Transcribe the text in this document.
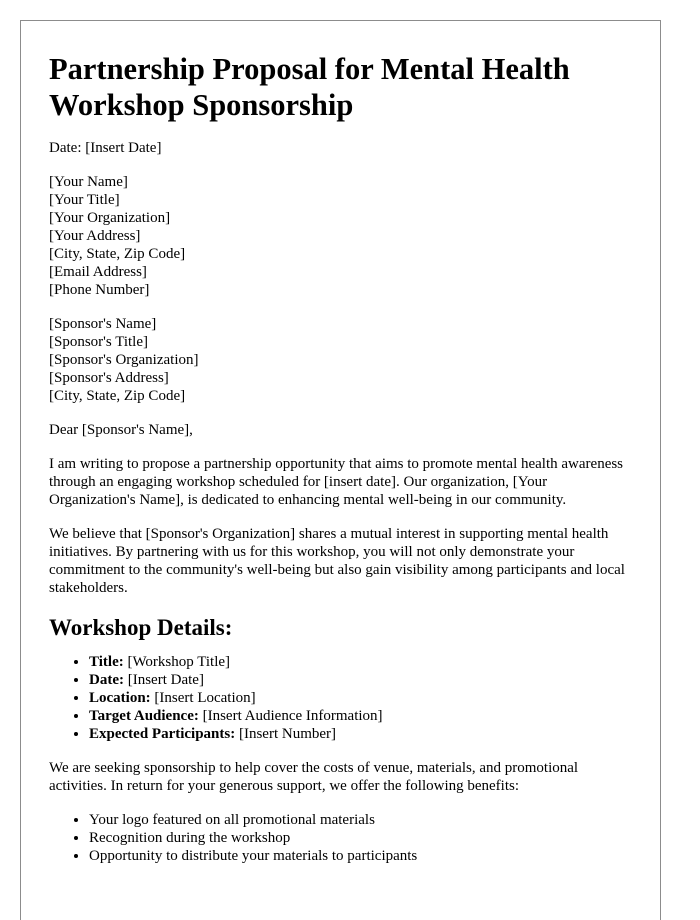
Partnership Proposal for Mental Health Workshop Sponsorship

Date: [Insert Date]

[Your Name]
[Your Title]
[Your Organization]
[Your Address]
[City, State, Zip Code]
[Email Address]
[Phone Number]
[Sponsor's Name]
[Sponsor's Title]
[Sponsor's Organization]
[Sponsor's Address]
[City, State, Zip Code]

Dear [Sponsor's Name],

I am writing to propose a partnership opportunity that aims to promote mental health awareness through an engaging workshop scheduled for [insert date]. Our organization, [Your Organization's Name], is dedicated to enhancing mental well-being in our community.

We believe that [Sponsor's Organization] shares a mutual interest in supporting mental health initiatives. By partnering with us for this workshop, you will not only demonstrate your commitment to the community's well-being but also gain visibility among participants and local stakeholders.

Workshop Details:
• Title: [Workshop Title]
• Date: [Insert Date]
• Location: [Insert Location]
• Target Audience: [Insert Audience Information]
• Expected Participants: [Insert Number]

We are seeking sponsorship to help cover the costs of venue, materials, and promotional activities. In return for your generous support, we offer the following benefits:

• Your logo featured on all promotional materials
• Recognition during the workshop
• Opportunity to distribute your materials to participants
